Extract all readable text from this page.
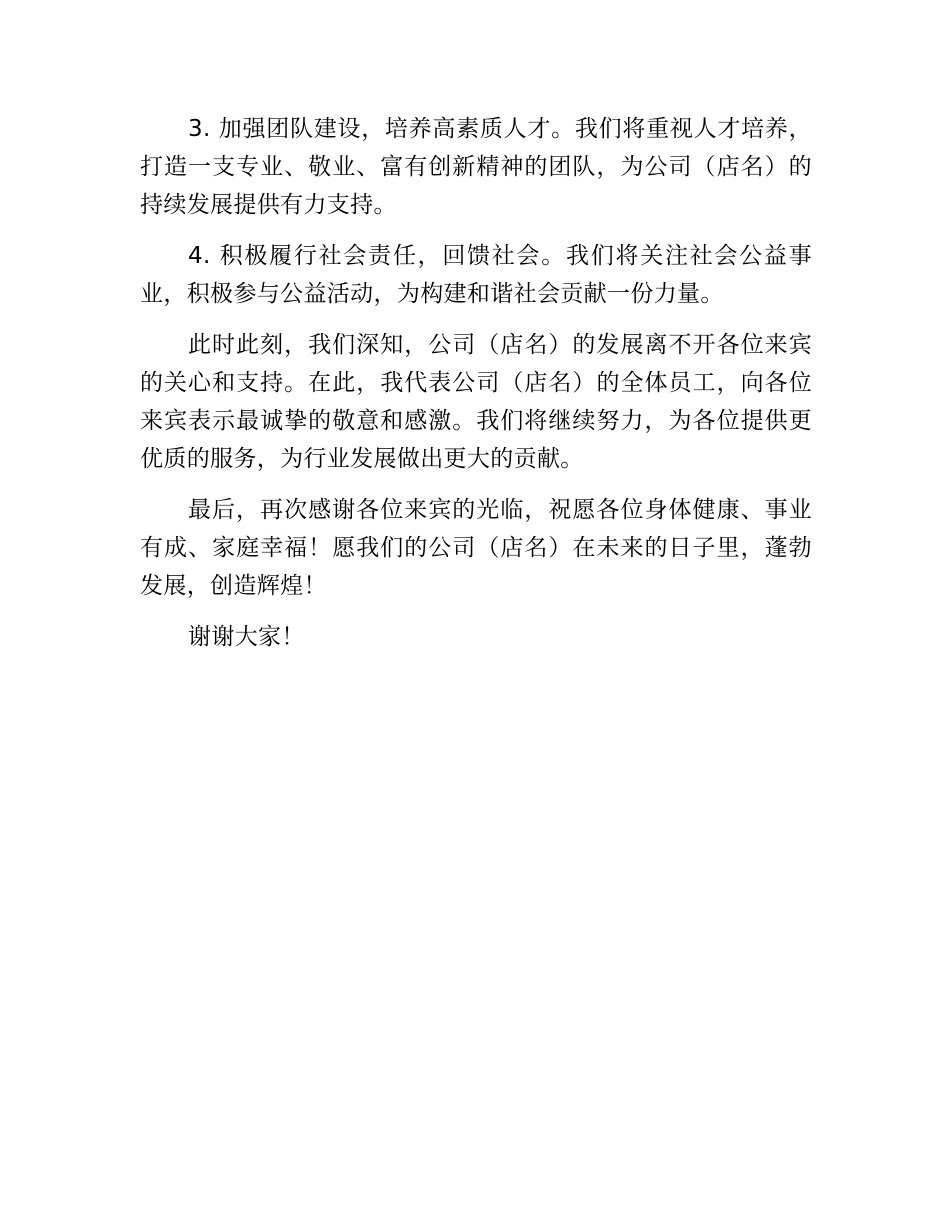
3. 加强团队建设，培养高素质人才。我们将重视人才培养，打造一支专业、敬业、富有创新精神的团队，为公司（店名）的持续发展提供有力支持。

4. 积极履行社会责任，回馈社会。我们将关注社会公益事业，积极参与公益活动，为构建和谐社会贡献一份力量。

此时此刻，我们深知，公司（店名）的发展离不开各位来宾的关心和支持。在此，我代表公司（店名）的全体员工，向各位来宾表示最诚挚的敬意和感激。我们将继续努力，为各位提供更优质的服务，为行业发展做出更大的贡献。

最后，再次感谢各位来宾的光临，祝愿各位身体健康、事业有成、家庭幸福！愿我们的公司（店名）在未来的日子里，蓬勃发展，创造辉煌！

谢谢大家！
